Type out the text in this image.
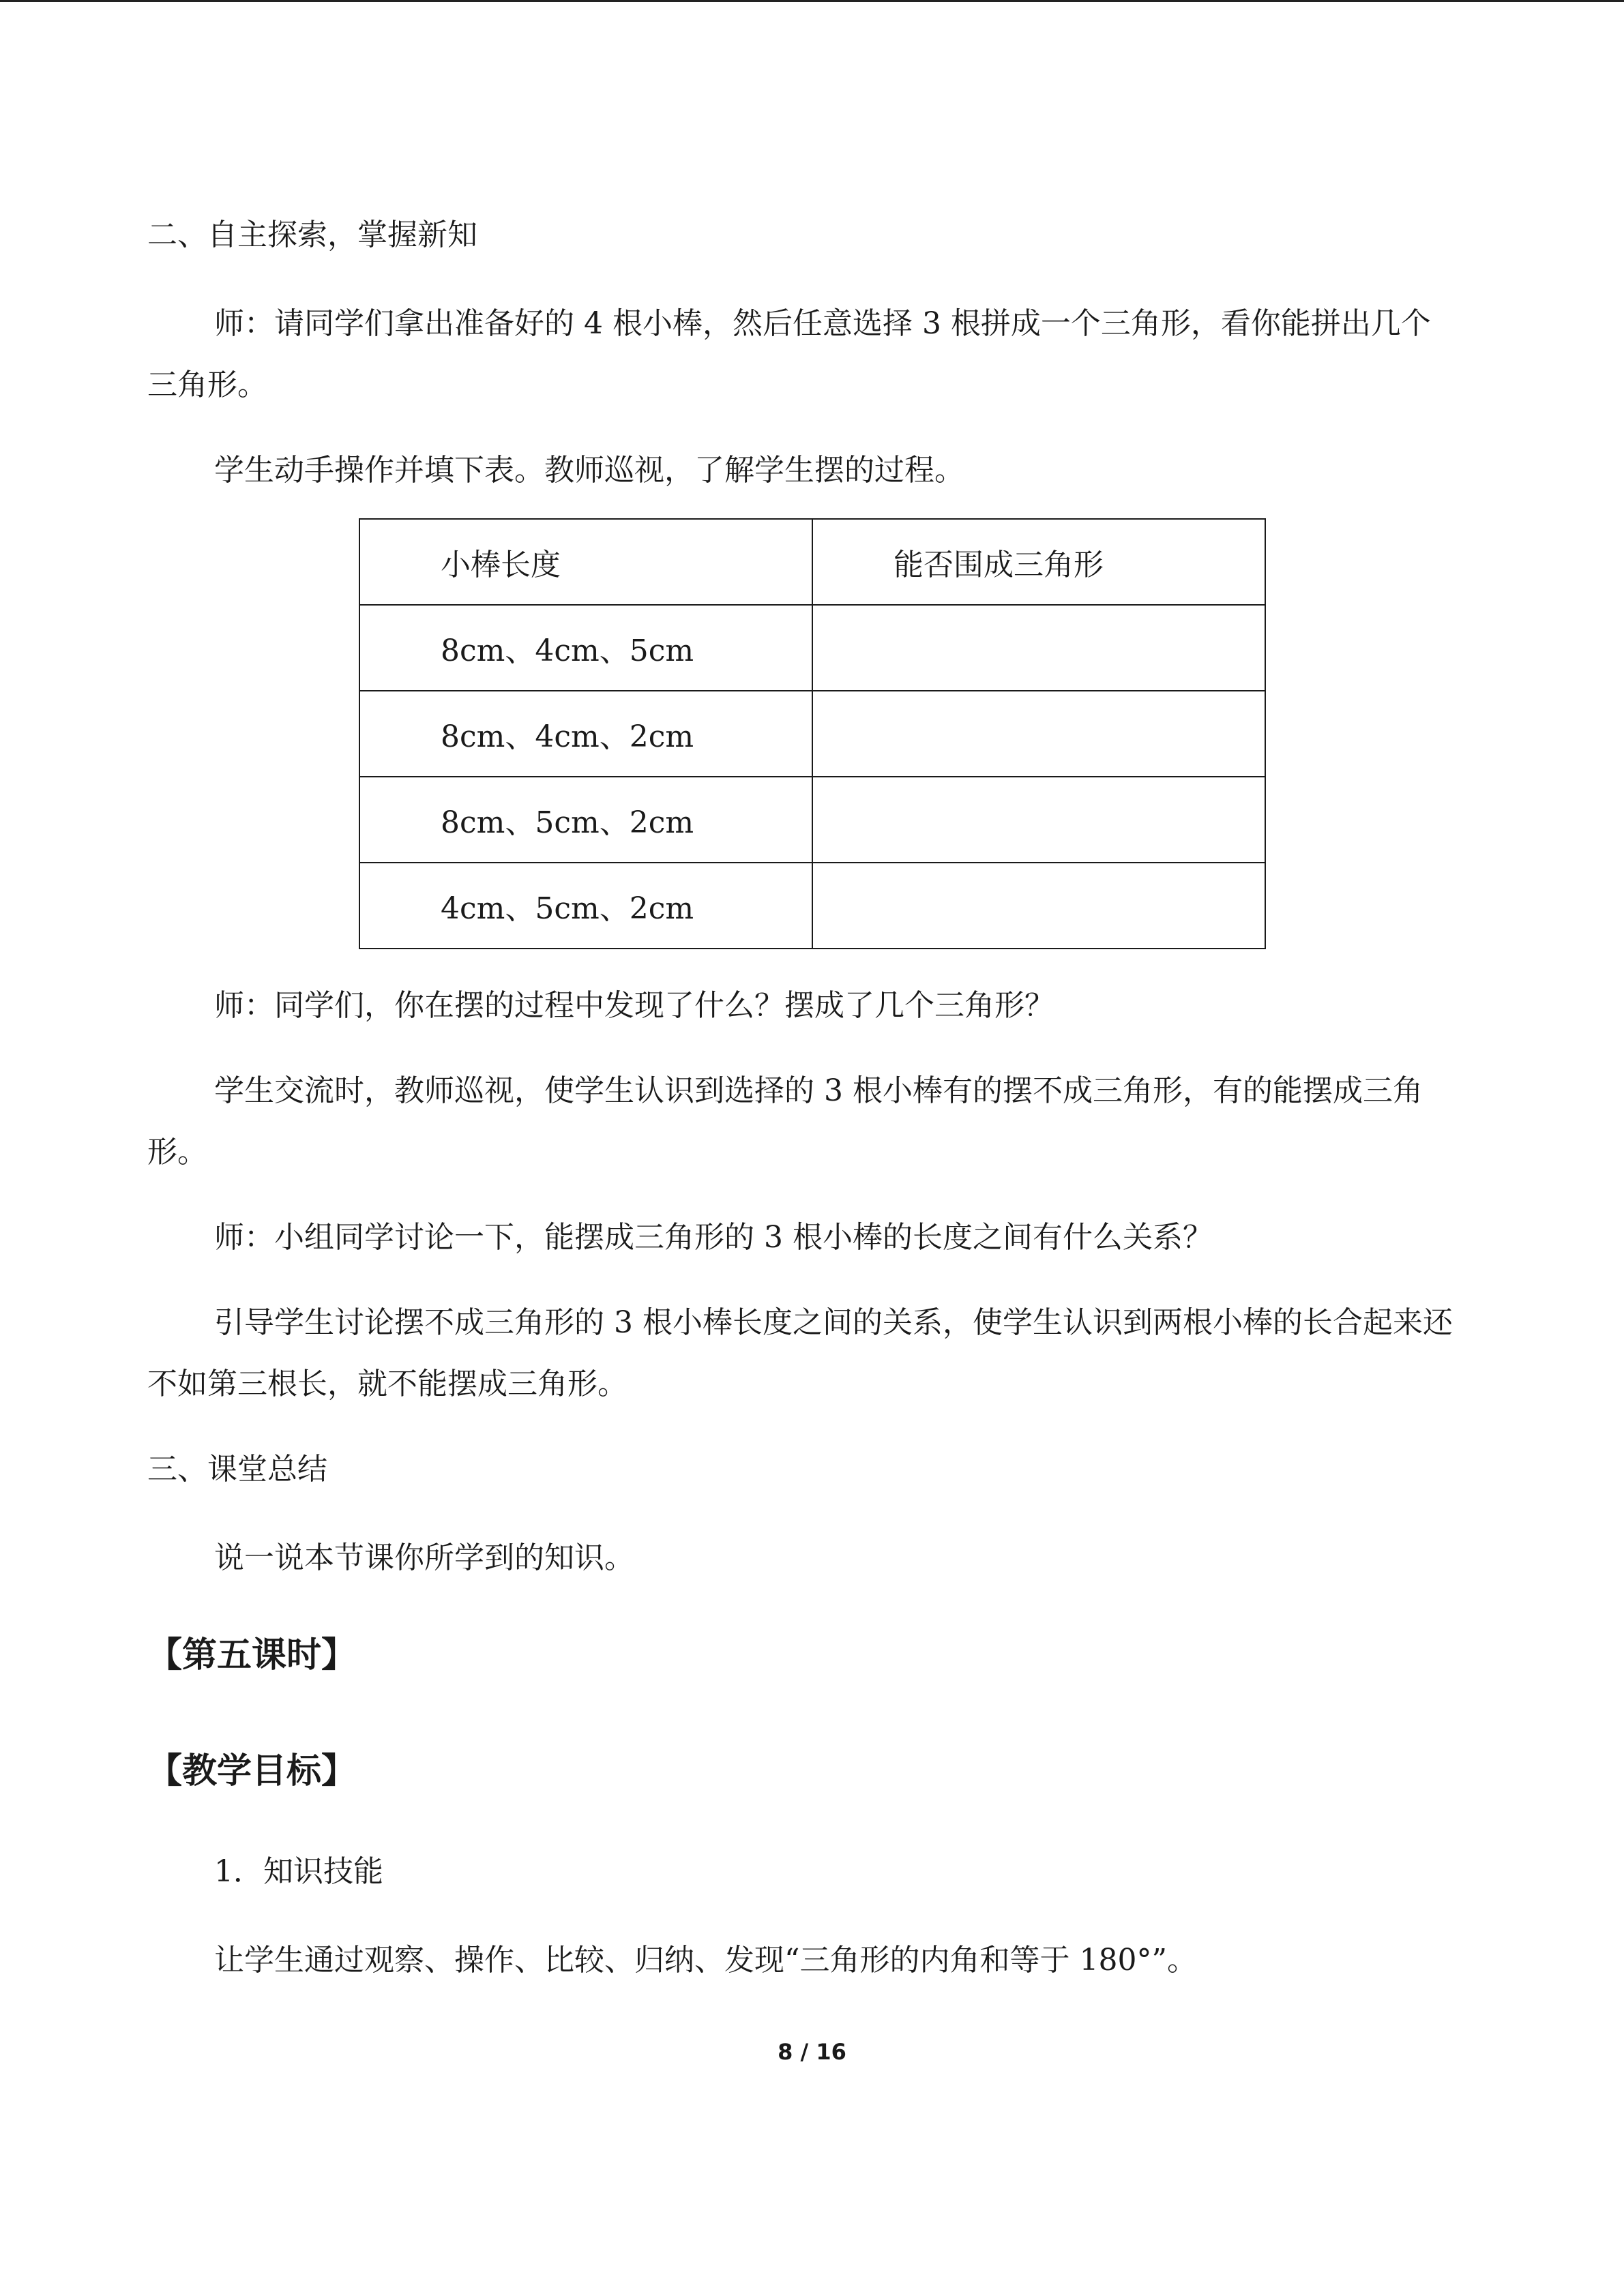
二、自主探索，掌握新知

师：请同学们拿出准备好的 4 根小棒，然后任意选择 3 根拼成一个三角形，看你能拼出几个三角形。

学生动手操作并填下表。教师巡视，了解学生摆的过程。

小棒长度	能否围成三角形
8cm、4cm、5cm	
8cm、4cm、2cm	
8cm、5cm、2cm	
4cm、5cm、2cm	

师：同学们，你在摆的过程中发现了什么？摆成了几个三角形？

学生交流时，教师巡视，使学生认识到选择的 3 根小棒有的摆不成三角形，有的能摆成三角形。

师：小组同学讨论一下，能摆成三角形的 3 根小棒的长度之间有什么关系？

引导学生讨论摆不成三角形的 3 根小棒长度之间的关系，使学生认识到两根小棒的长合起来还不如第三根长，就不能摆成三角形。

三、课堂总结

说一说本节课你所学到的知识。

【第五课时】

【教学目标】

1．知识技能

让学生通过观察、操作、比较、归纳、发现“三角形的内角和等于 180°”。

8 / 16
